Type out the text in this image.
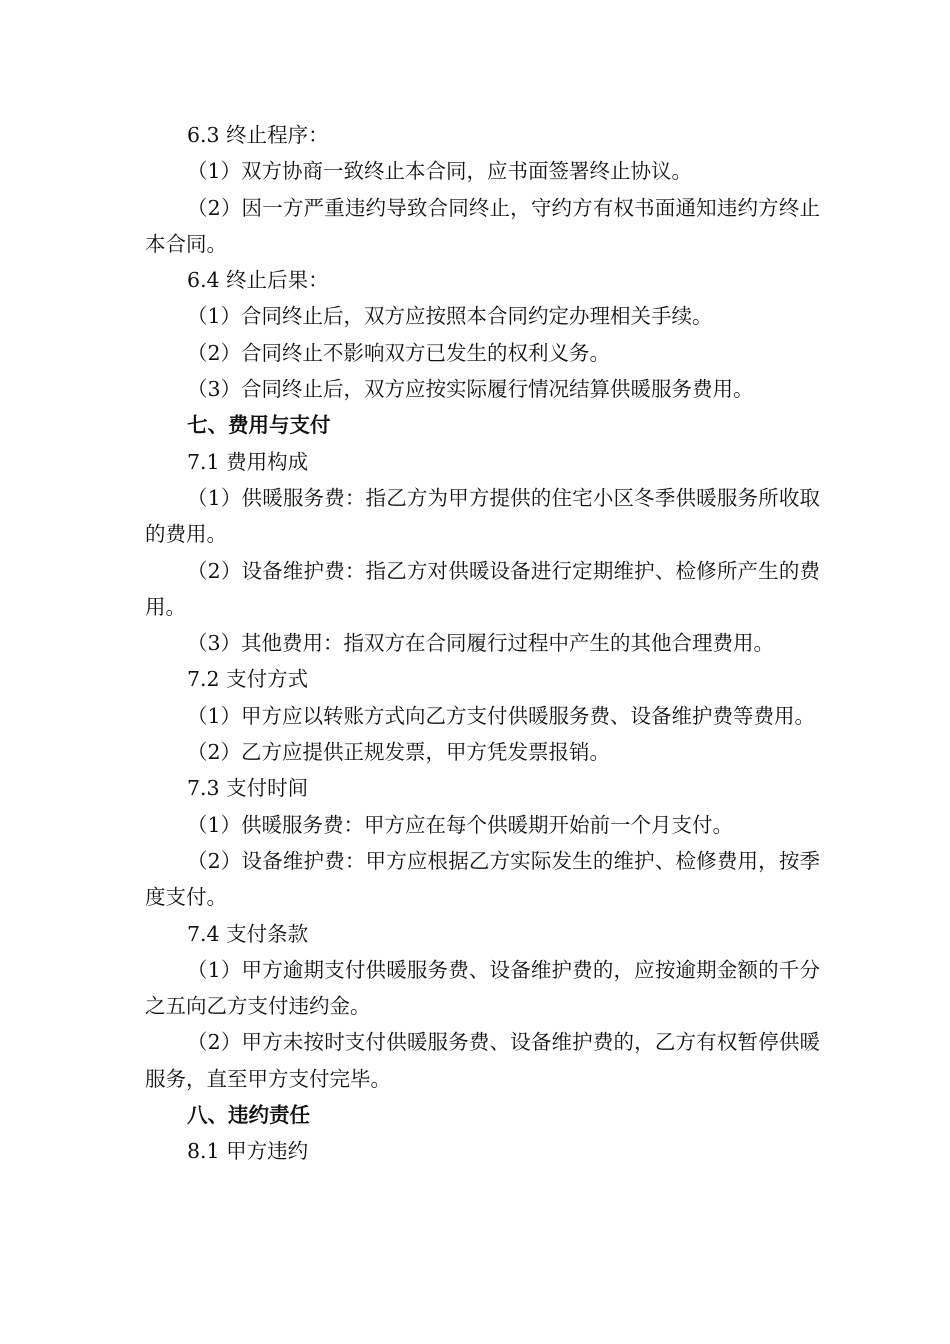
6.3 终止程序：

（1）双方协商一致终止本合同，应书面签署终止协议。

（2）因一方严重违约导致合同终止，守约方有权书面通知违约方终止本合同。

6.4 终止后果：

（1）合同终止后，双方应按照本合同约定办理相关手续。

（2）合同终止不影响双方已发生的权利义务。

（3）合同终止后，双方应按实际履行情况结算供暖服务费用。

七、费用与支付

7.1 费用构成

（1）供暖服务费：指乙方为甲方提供的住宅小区冬季供暖服务所收取的费用。

（2）设备维护费：指乙方对供暖设备进行定期维护、检修所产生的费用。

（3）其他费用：指双方在合同履行过程中产生的其他合理费用。

7.2 支付方式

（1）甲方应以转账方式向乙方支付供暖服务费、设备维护费等费用。

（2）乙方应提供正规发票，甲方凭发票报销。

7.3 支付时间

（1）供暖服务费：甲方应在每个供暖期开始前一个月支付。

（2）设备维护费：甲方应根据乙方实际发生的维护、检修费用，按季度支付。

7.4 支付条款

（1）甲方逾期支付供暖服务费、设备维护费的，应按逾期金额的千分之五向乙方支付违约金。

（2）甲方未按时支付供暖服务费、设备维护费的，乙方有权暂停供暖服务，直至甲方支付完毕。

八、违约责任

8.1 甲方违约
